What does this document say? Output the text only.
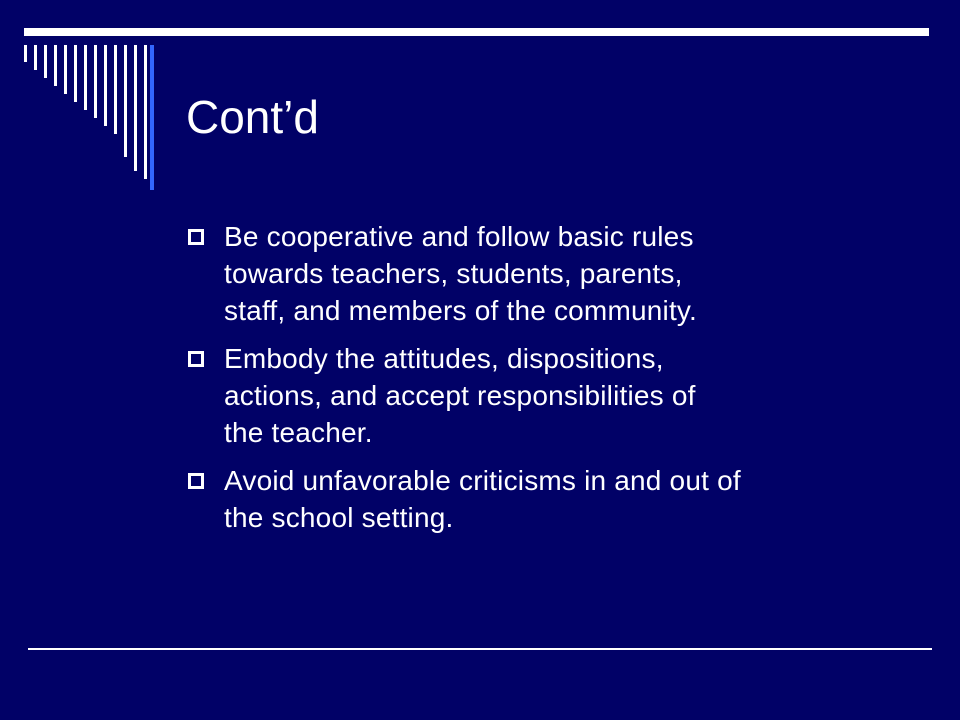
Cont’d
Be cooperative and follow basic rules
towards teachers, students, parents,
staff, and members of the community.
Embody the attitudes, dispositions,
actions, and accept responsibilities of
the teacher.
Avoid unfavorable criticisms in and out of
the school setting.
